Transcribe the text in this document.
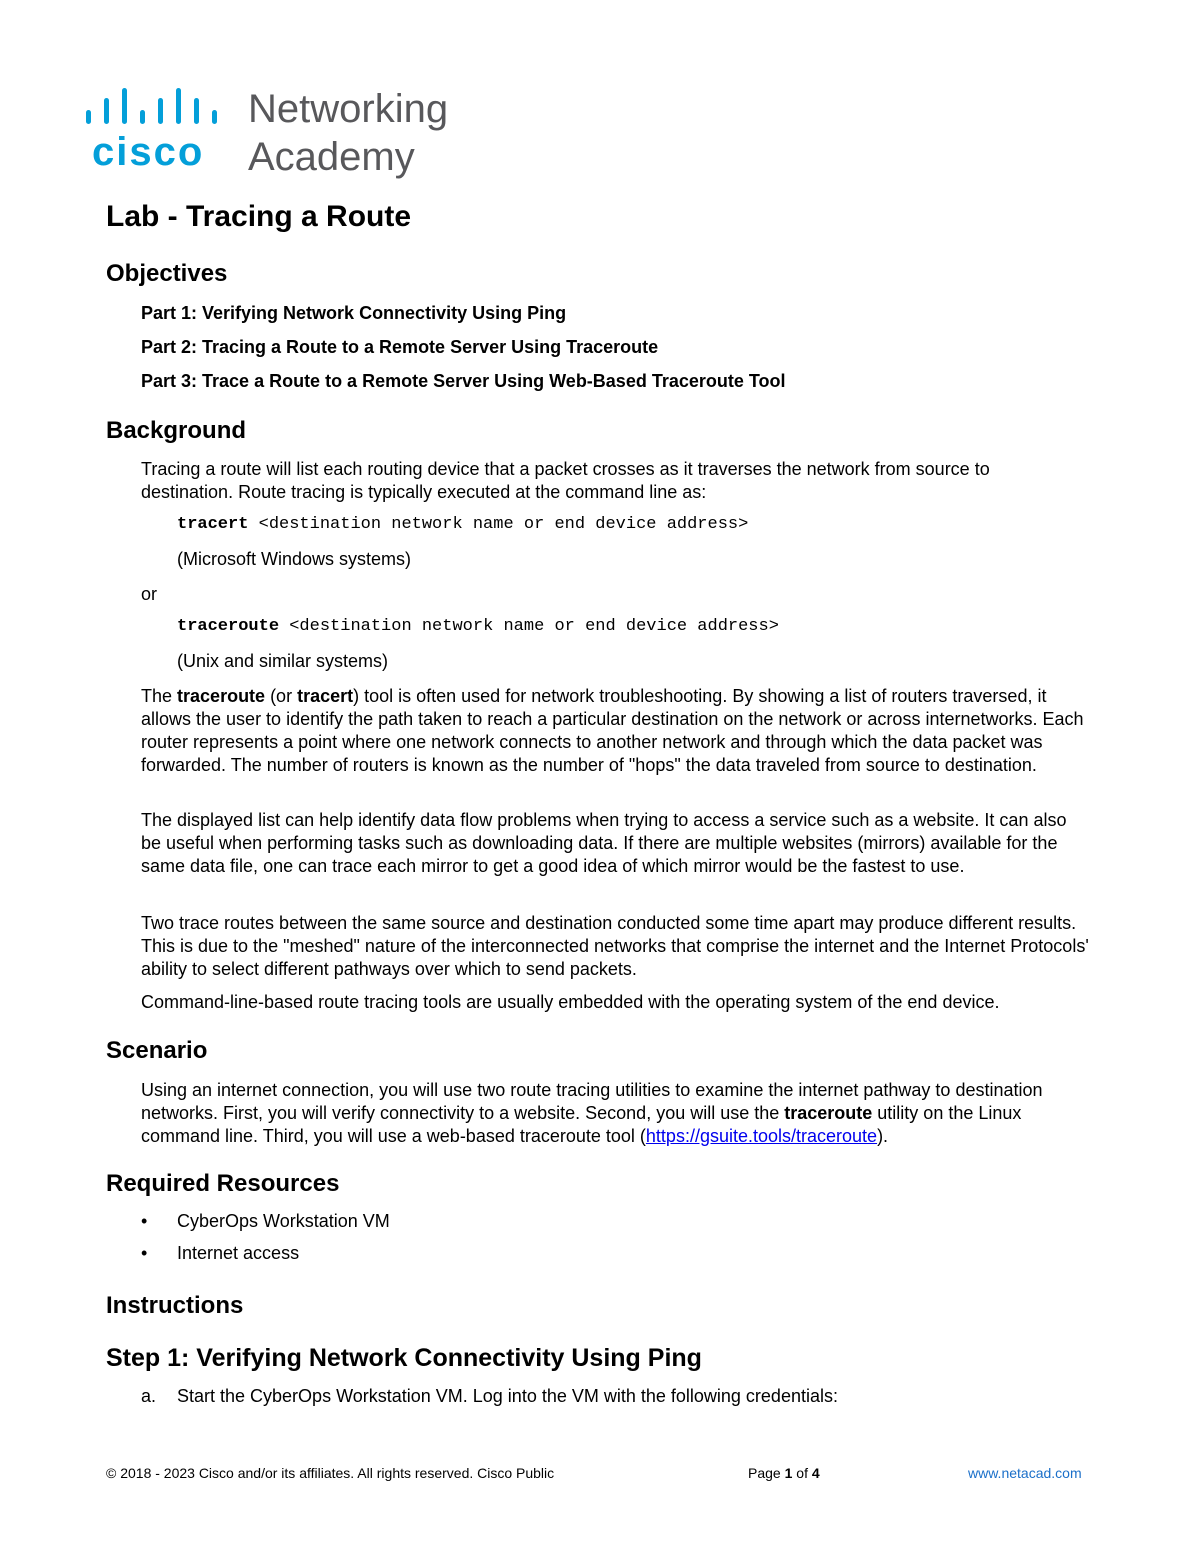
cisco
Networking
Academy
Lab - Tracing a Route
Objectives
Part 1: Verifying Network Connectivity Using Ping
Part 2: Tracing a Route to a Remote Server Using Traceroute
Part 3: Trace a Route to a Remote Server Using Web-Based Traceroute Tool
Background
Tracing a route will list each routing device that a packet crosses as it traverses the network from source to
destination. Route tracing is typically executed at the command line as:
tracert <destination network name or end device address>
(Microsoft Windows systems)
or
traceroute <destination network name or end device address>
(Unix and similar systems)
The traceroute (or tracert) tool is often used for network troubleshooting. By showing a list of routers traversed, it allows the user to identify the path taken to reach a particular destination on the network or across internetworks. Each router represents a point where one network connects to another network and through which the data packet was forwarded. The number of routers is known as the number of "hops" the data traveled from source to destination.
The displayed list can help identify data flow problems when trying to access a service such as a website. It can also be useful when performing tasks such as downloading data. If there are multiple websites (mirrors) available for the same data file, one can trace each mirror to get a good idea of which mirror would be the fastest to use.
Two trace routes between the same source and destination conducted some time apart may produce different results. This is due to the "meshed" nature of the interconnected networks that comprise the internet and the Internet Protocols' ability to select different pathways over which to send packets.
Command-line-based route tracing tools are usually embedded with the operating system of the end device.
Scenario
Using an internet connection, you will use two route tracing utilities to examine the internet pathway to destination networks. First, you will verify connectivity to a website. Second, you will use the traceroute utility on the Linux command line. Third, you will use a web-based traceroute tool (https://gsuite.tools/traceroute).
Required Resources
• CyberOps Workstation VM
• Internet access
Instructions
Step 1: Verifying Network Connectivity Using Ping
a. Start the CyberOps Workstation VM. Log into the VM with the following credentials:
© 2018 - 2023 Cisco and/or its affiliates. All rights reserved. Cisco Public	Page 1 of 4	www.netacad.com
